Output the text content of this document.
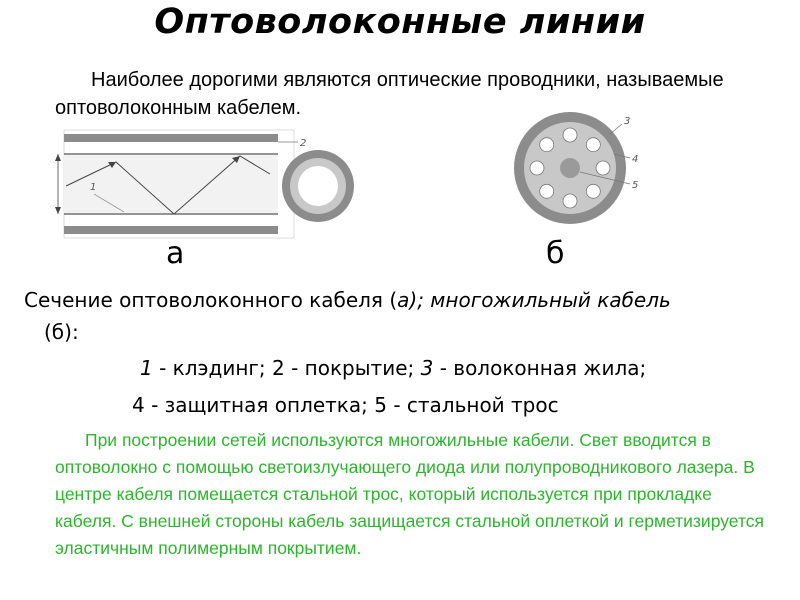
Оптоволоконные линии

Наиболее дорогими являются оптические проводники, называемые оптоволоконным кабелем.

1
2
3
4
5
а	б

Сечение оптоволоконного кабеля (а); многожильный кабель

(б):

1 - клэдинг; 2 - покрытие; 3 - волоконная жила;

4 - защитная оплетка; 5 - стальной трос

При построении сетей используются многожильные кабели. Свет вводится в оптоволокно с помощью светоизлучающего диода или полупроводникового лазера. В центре кабеля помещается стальной трос, который используется при прокладке кабеля. С внешней стороны кабель защищается стальной оплеткой и герметизируется эластичным полимерным покрытием.
